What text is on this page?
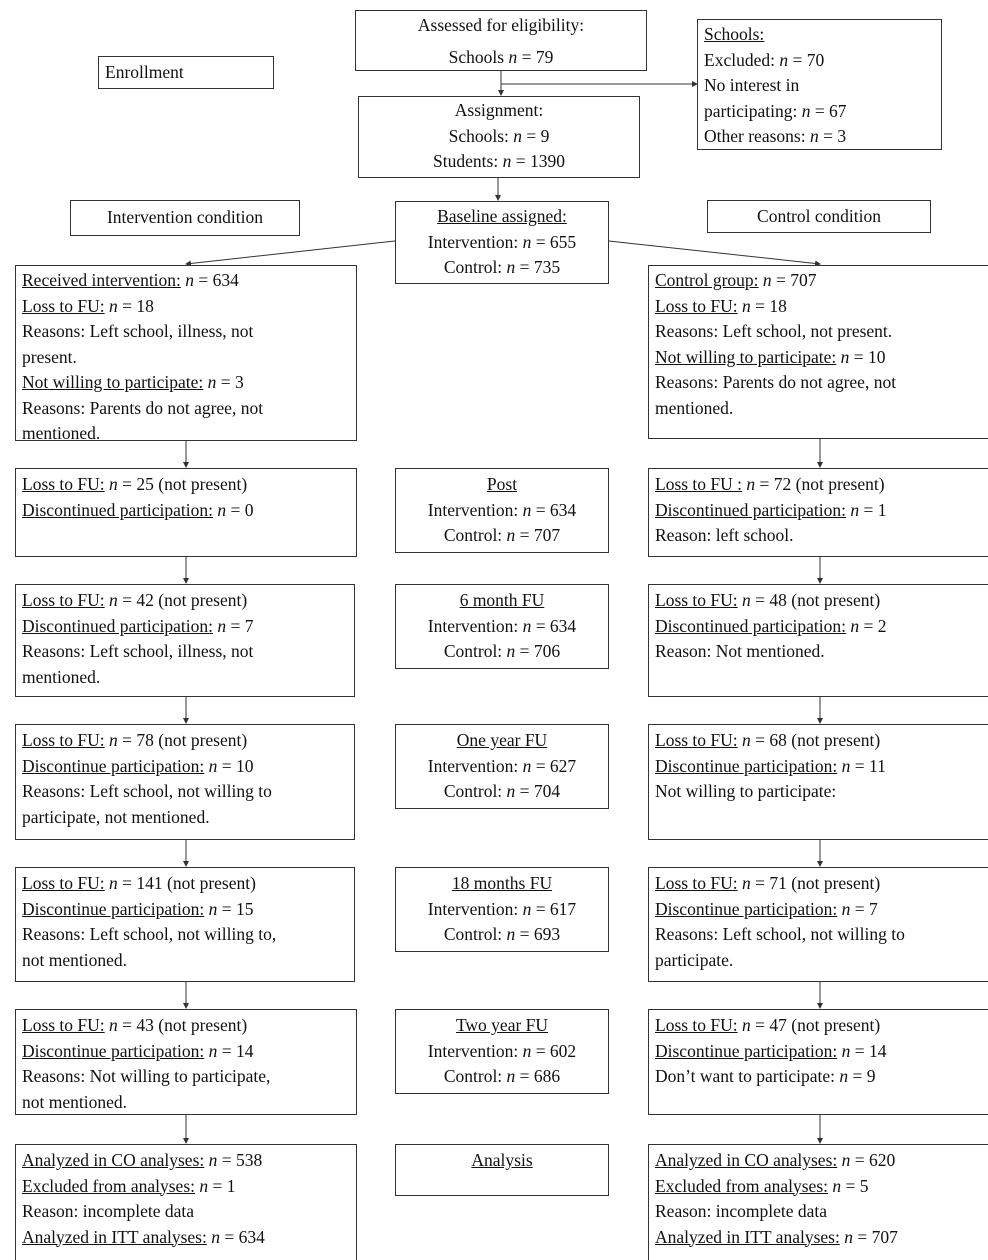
Enrollment
Intervention condition	Control condition
Assessed for eligibility:
Schools n = 79
Schools:
Excluded: n = 70
No interest in
participating: n = 67
Other reasons: n = 3
Assignment:
Schools: n = 9
Students: n = 1390
Baseline assigned:
Intervention: n = 655
Control: n = 735
Post
Intervention: n = 634
Control: n = 707
6 month FU
Intervention: n = 634
Control: n = 706
One year FU
Intervention: n = 627
Control: n = 704
18 months FU
Intervention: n = 617
Control: n = 693
Two year FU
Intervention: n = 602
Control: n = 686
Analysis
Received intervention: n = 634
Loss to FU: n = 18
Reasons: Left school, illness, not
present.
Not willing to participate: n = 3
Reasons: Parents do not agree, not
mentioned.
Loss to FU: n = 25 (not present)
Discontinued participation: n = 0
Loss to FU: n = 42 (not present)
Discontinued participation: n = 7
Reasons: Left school, illness, not
mentioned.
Loss to FU: n = 78 (not present)
Discontinue participation: n = 10
Reasons: Left school, not willing to
participate, not mentioned.
Loss to FU: n = 141 (not present)
Discontinue participation: n = 15
Reasons: Left school, not willing to,
not mentioned.
Loss to FU: n = 43 (not present)
Discontinue participation: n = 14
Reasons: Not willing to participate,
not mentioned.
Analyzed in CO analyses: n = 538
Excluded from analyses: n = 1
Reason: incomplete data
Analyzed in ITT analyses: n = 634
Control group: n = 707
Loss to FU: n = 18
Reasons: Left school, not present.
Not willing to participate: n = 10
Reasons: Parents do not agree, not
mentioned.
Loss to FU : n = 72 (not present)
Discontinued participation: n = 1
Reason: left school.
Loss to FU: n = 48 (not present)
Discontinued participation: n = 2
Reason: Not mentioned.
Loss to FU: n = 68 (not present)
Discontinue participation: n = 11
Not willing to participate:
Loss to FU: n = 71 (not present)
Discontinue participation: n = 7
Reasons: Left school, not willing to
participate.
Loss to FU: n = 47 (not present)
Discontinue participation: n = 14
Don’t want to participate: n = 9
Analyzed in CO analyses: n = 620
Excluded from analyses: n = 5
Reason: incomplete data
Analyzed in ITT analyses: n = 707
